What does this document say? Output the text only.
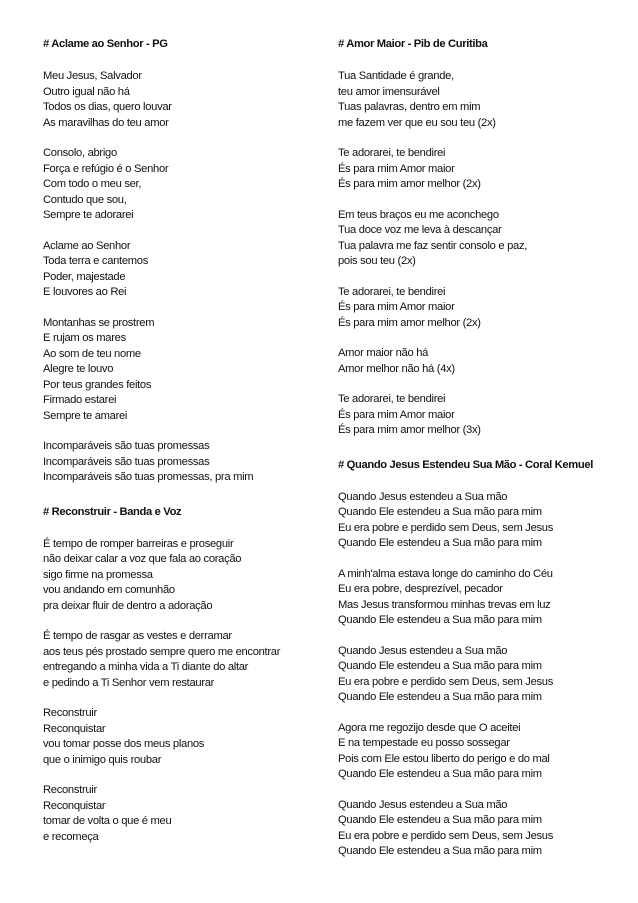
# Aclame ao Senhor - PG
Meu Jesus, Salvador
Outro igual não há
Todos os dias, quero louvar
As maravilhas do teu amor
Consolo, abrigo
Força e refúgio é o Senhor
Com todo o meu ser,
Contudo que sou,
Sempre te adorarei
Aclame ao Senhor
Toda terra e cantemos
Poder, majestade
E louvores ao Rei
Montanhas se prostrem
E rujam os mares
Ao som de teu nome
Alegre te louvo
Por teus grandes feitos
Firmado estarei
Sempre te amarei
Incomparáveis são tuas promessas
Incomparáveis são tuas promessas
Incomparáveis são tuas promessas, pra mim
# Reconstruir - Banda e Voz
É tempo de romper barreiras e proseguir
não deixar calar a voz que fala ao coração
sigo firme na promessa
vou andando em comunhão
pra deixar fluir de dentro a adoração
É tempo de rasgar as vestes e derramar
aos teus pés prostado sempre quero me encontrar
entregando a minha vida a Ti diante do altar
e pedindo a Ti Senhor vem restaurar
Reconstruir
Reconquistar
vou tomar posse dos meus planos
que o inimigo quis roubar
Reconstruir
Reconquistar
tomar de volta o que é meu
e recomeça
# Amor Maior - Pib de Curitiba
Tua Santidade é grande,
teu amor imensurável
Tuas palavras, dentro em mim
me fazem ver que eu sou teu (2x)
Te adorarei, te bendirei
És para mim Amor maior
És para mim amor melhor (2x)
Em teus braços eu me aconchego
Tua doce voz me leva à descançar
Tua palavra me faz sentir consolo e paz,
pois sou teu (2x)
Te adorarei, te bendirei
És para mim Amor maior
És para mim amor melhor (2x)
Amor maior não há
Amor melhor não há (4x)
Te adorarei, te bendirei
És para mim Amor maior
És para mim amor melhor (3x)
# Quando Jesus Estendeu Sua Mão - Coral Kemuel
Quando Jesus estendeu a Sua mão
Quando Ele estendeu a Sua mão para mim
Eu era pobre e perdido sem Deus, sem Jesus
Quando Ele estendeu a Sua mão para mim
A minh'alma estava longe do caminho do Céu
Eu era pobre, desprezível, pecador
Mas Jesus transformou minhas trevas em luz
Quando Ele estendeu a Sua mão para mim
Quando Jesus estendeu a Sua mão
Quando Ele estendeu a Sua mão para mim
Eu era pobre e perdido sem Deus, sem Jesus
Quando Ele estendeu a Sua mão para mim
Agora me regozijo desde que O aceitei
E na tempestade eu posso sossegar
Pois com Ele estou liberto do perigo e do mal
Quando Ele estendeu a Sua mão para mim
Quando Jesus estendeu a Sua mão
Quando Ele estendeu a Sua mão para mim
Eu era pobre e perdido sem Deus, sem Jesus
Quando Ele estendeu a Sua mão para mim
